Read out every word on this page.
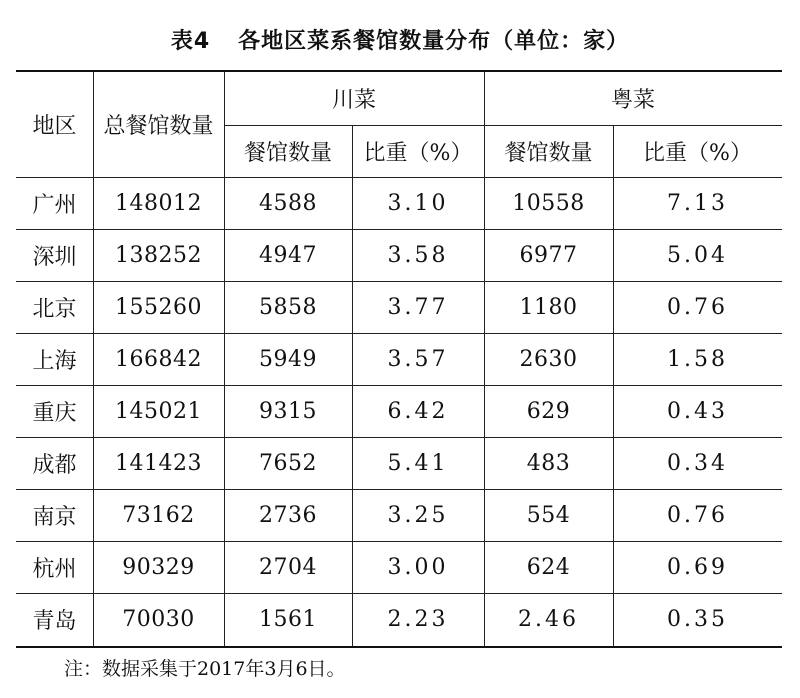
表4 各地区菜系餐馆数量分布（单位：家）
地区	总餐馆数量
川菜	粤菜
餐馆数量	比重（%）	餐馆数量	比重（%）
广州	148012	4588	3.10	10558	7.13
深圳	138252	4947	3.58	6977	5.04
北京	155260	5858	3.77	1180	0.76
上海	166842	5949	3.57	2630	1.58
重庆	145021	9315	6.42	629	0.43
成都	141423	7652	5.41	483	0.34
南京	73162	2736	3.25	554	0.76
杭州	90329	2704	3.00	624	0.69
青岛	70030	1561	2.23	2.46	0.35
注：数据采集于2017年3月6日。
